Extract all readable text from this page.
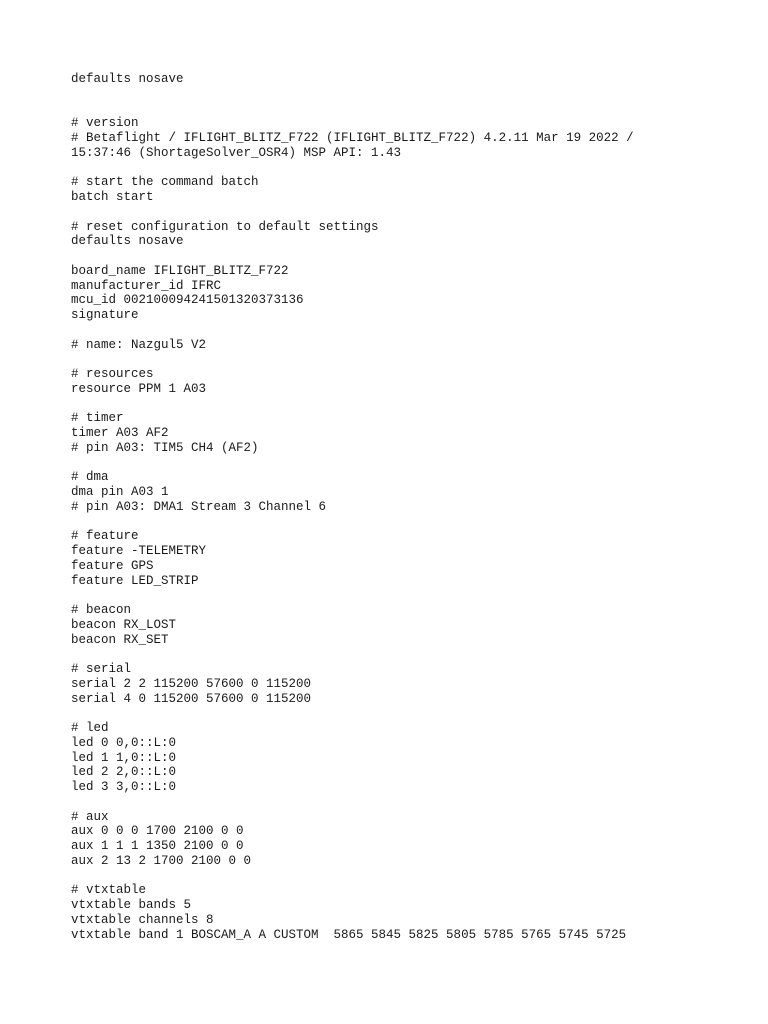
defaults nosave
# version
# Betaflight / IFLIGHT_BLITZ_F722 (IFLIGHT_BLITZ_F722) 4.2.11 Mar 19 2022 /
15:37:46 (ShortageSolver_OSR4) MSP API: 1.43
# start the command batch
batch start
# reset configuration to default settings
defaults nosave
board_name IFLIGHT_BLITZ_F722
manufacturer_id IFRC
mcu_id 002100094241501320373136
signature
# name: Nazgul5 V2
# resources
resource PPM 1 A03
# timer
timer A03 AF2
# pin A03: TIM5 CH4 (AF2)
# dma
dma pin A03 1
# pin A03: DMA1 Stream 3 Channel 6
# feature
feature -TELEMETRY
feature GPS
feature LED_STRIP
# beacon
beacon RX_LOST
beacon RX_SET
# serial
serial 2 2 115200 57600 0 115200
serial 4 0 115200 57600 0 115200
# led
led 0 0,0::L:0
led 1 1,0::L:0
led 2 2,0::L:0
led 3 3,0::L:0
# aux
aux 0 0 0 1700 2100 0 0
aux 1 1 1 1350 2100 0 0
aux 2 13 2 1700 2100 0 0
# vtxtable
vtxtable bands 5
vtxtable channels 8
vtxtable band 1 BOSCAM_A A CUSTOM  5865 5845 5825 5805 5785 5765 5745 5725
